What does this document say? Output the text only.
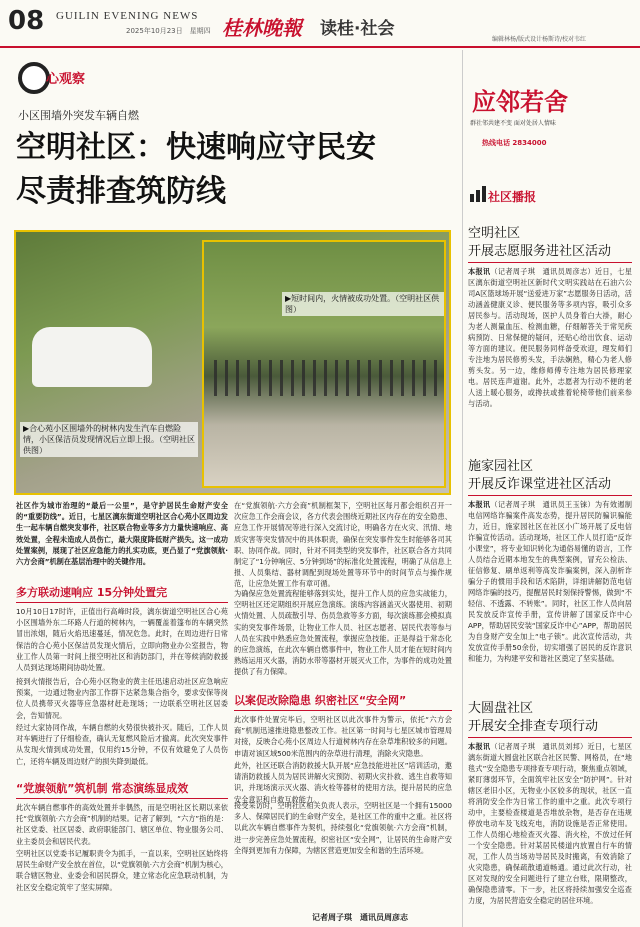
08 GUILIN EVENING NEWS
2025年10月23日　星期四 桂林晚報 读桂·社会
编辑林杨/版式设计杨斯诗/校对韦红
心观察
小区围墙外突发车辆自燃
空明社区：快速响应守民安
尽责排查筑防线
▶合心苑小区围墙外的树林内发生汽车自燃险情，小区保洁员发现情况后立即上报。（空明社区供图）
▶短时间内，火情被成功处置。（空明社区供图）
社区作为城市治理的“最后一公里”，是守护居民生命财产安全的“重要防线”。近日，七星区漓东街道空明社区合心苑小区周边发生一起车辆自燃突发事件，社区联合物业等多方力量快速响应、高效处置，全程未造成人员伤亡，最大限度降低财产损失。这一成功处置案例，展现了社区应急能力的扎实功底，更凸显了“党旗领航·六方会商”机制在基层治理中的关键作用。
多方联动速响应 15分钟处置完
10月10日17时许，正值出行高峰时段，漓东街道空明社区合心苑小区围墙外东二环路人行道的树林内，一辆覆盖着篷布的车辆突然冒出浓烟，随后火焰迅速蔓延，情况危急。此时，在周边进行日常保洁的合心苑小区保洁员发现火情后，立即向物业办公室报告，物业工作人员第一时间上报空明社区和消防部门，并在等候消防救援人员到达现场期间协助处置。
接到火情报告后，合心苑小区物业的黄主任迅速启动社区应急响应预案，一边通过物业内部工作群下达紧急集合指令，要求安保等岗位人员携带灭火器等应急器材赶赴现场；一边联系空明社区居委会，告知情况。
经过大家协同作战，车辆自燃的火势很快被扑灭。随后，工作人员对车辆进行了仔细检查，确认无复燃风险后才撤离。此次突发事件从发现火情到成功处置，仅用约15分钟，不仅有效避免了人员伤亡，还将车辆及周边财产的损失降到最低。
“党旗领航”筑机制 常态演练显成效
此次车辆自燃事件的高效处置并非偶然，而是空明社区长期以来依托“党旗领航·六方会商”机制的结果。记者了解到，“六方”指的是：社区党委、社区居委、政府职能部门、辖区单位、物业服务公司、业主委员会和居民代表。
空明社区以党委书记履职责令为抓手，一直以来，空明社区始终将居民生命财产安全放在首位，以“党旗领航·六方会商”机制为核心，联合辖区物业、业委会和居民群众，建立常态化应急联动机制，为社区安全稳定筑牢了坚实屏障。
在“党旗领航·六方会商”机制框架下，空明社区每月都会组织召开一次应急工作会商会议，各方代表会围绕近期社区内存在的安全隐患、应急工作开展情况等进行深入交流讨论，明确各方在火灾、汛情、地质灾害等突发情况中的具体职责，确保在突发事件发生时能够各司其职、协同作战。同时，针对不同类型的突发事件，社区联合各方共同制定了“1分钟响应、5分钟到场”的标准化处置流程，明确了从信息上报、人员集结、器材调配到现场处置等环节中的时间节点与操作规范，让应急处置工作有章可循。
为确保应急处置流程能够落到实处，提升工作人员的应急实战能力，空明社区还定期组织开展应急演练。演练内容涵盖灭火器使用、初期火情处置、人员疏散引导、伤员急救等多方面，每次演练都会模拟真实的突发事件场景，让物业工作人员、社区志愿者、居民代表等参与人员在实践中熟悉应急处置流程，掌握应急技能。正是得益于常态化的应急演练，在此次车辆自燃事件中，物业工作人员才能在短时间内熟练运用灭火器，消防水带等器材开展灭火工作，为事件的成功处置提供了有力保障。
以案促改除隐患 织密社区“安全网”
此次事件处置完毕后，空明社区以此次事件为警示，依托“六方会商”机制迅速推进隐患整改工作。社区第一时间与七星区城市管理局对接，反映合心苑小区周边人行道树林内存在杂草堆积较多的问题。申请对该区域500米范围内的杂草进行清理，消除火灾隐患。
此外，社区还联合消防救援大队开展“应急技能进社区”培训活动，邀请消防救援人员为居民讲解火灾预防、初期火灾扑救、逃生自救等知识，并现场演示灭火器、消火栓等器材的使用方法，提升居民的应急安全意识和自救互救能力。
接受采访时，空明社区相关负责人表示，空明社区是一个拥有15000多人、保障居民们的生命财产安全，是社区工作的重中之重。社区将以此次车辆自燃事件为契机，持续强化“党旗领航·六方会商”机制，进一步完善应急处置流程，织密社区“安全网”，让居民的生命财产安全得到更加有力保障，为辖区营造更加安全和谐的生活环境。
记者周子琪　通讯员周彦志
应邻若舍
群社邻共建不变 面对处居人情味
热线电话 2834000
社区播报
空明社区
开展志愿服务进社区活动
本报讯（记者周子琪　通讯员周彦志）近日，七星区漓东街道空明社区新时代文明实践站在石油六公司A区篮球场开展“送爱进万家”志愿服务日活动，活动涵盖健康义诊、便民服务等多项内容，吸引众多居民参与。活动现场，医护人员身着白大褂，耐心为老人测量血压、检测血糖，仔细解答关于常见疾病预防、日常保健的疑问，还贴心给出饮食、运动等方面的建议。便民服务同样备受欢迎，理发师们专注地为居民修剪头发，手法娴熟，精心为老人修剪头发。另一边，维修师傅专注地为居民修理家电。居民连声道谢。此外，志愿者为行动不便的老人送上暖心服务，或搀扶或推着轮椅带他们前来参与活动。
施家园社区
开展反诈课堂进社区活动
本报讯（记者周子琪　通讯员王玉铼）为有效遏制电信网络诈骗案件高发态势，提升居民防骗识骗能力，近日，施家园社区在社区小广场开展了反电信诈骗宣传活动。活动现场，社区工作人员打造“反诈小课堂”，将专业知识转化为通俗易懂的语言，工作人员结合近期本地发生的典型案例，冒充公检法、征信修复、刷单返利等高发诈骗案例，深入剖析诈骗分子的惯用手段和话术陷阱，详细讲解防范电信网络诈骗的技巧，提醒居民时刻保持警惕，做到“不轻信、不透露、不转账”。同时，社区工作人员向居民发放反诈宣传手册，宣传讲解了国家反诈中心APP，帮助居民安装“国家反诈中心”APP，帮助居民为自身财产安全加上“电子锁”。此次宣传活动，共发放宣传手册50余份，切实增强了居民的反诈意识和能力，为构建平安和谐社区奠定了坚实基础。
大圆盘社区
开展安全排查专项行动
本报讯（记者周子琪　通讯员刘邦）近日，七星区漓东街道大圆盘社区联合社区民警、网格员，在“地毯式”安全隐患专项排查专项行动，聚焦重点领域，紧盯薄弱环节，全面筑牢社区安全“防护网”。针对辖区老旧小区，无物业小区较多的现状，社区一直将消防安全作为日常工作的重中之重。此次专项行动中，主要检查楼道是否堆放杂物，是否存在违规停放电动车及飞线充电，消防设施是否正常使用。工作人员细心地检查灭火器、消火栓，不放过任何一个安全隐患。针对某居民楼道内放置自行车的情况，工作人员当场劝导居民及时搬离，有效消除了火灾隐患，确保疏散通道畅通。通过此次行动，社区对发现的安全问题进行了建立台账，限期整改，确保隐患清零。下一步，社区将持续加强安全巡查力度，为居民营造安全稳定的居住环境。
